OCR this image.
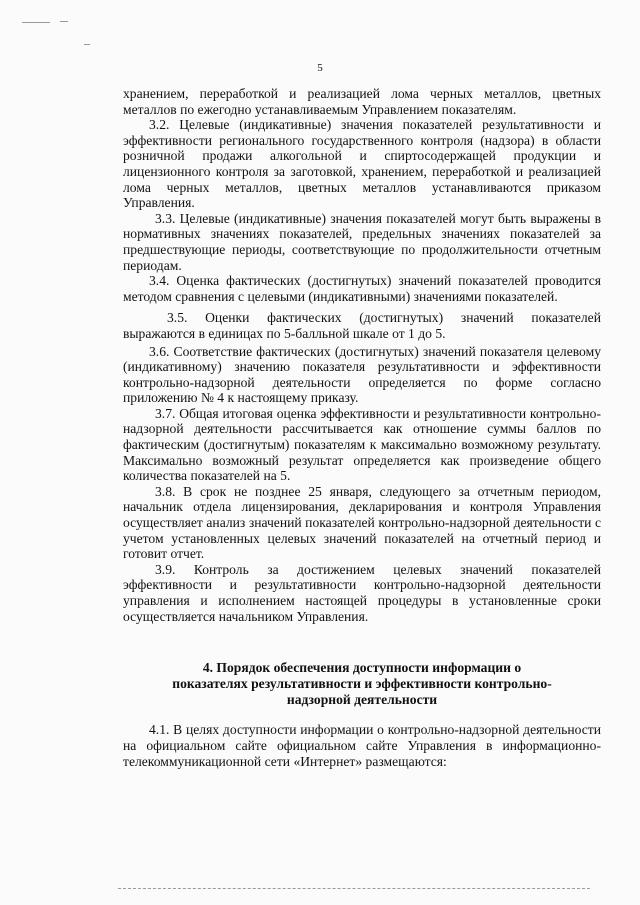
5

хранением, переработкой и реализацией лома черных металлов, цветных металлов по ежегодно устанавливаемым Управлением показателям.

3.2. Целевые (индикативные) значения показателей результативности и эффективности регионального государственного контроля (надзора) в области розничной продажи алкогольной и спиртосодержащей продукции и лицензионного контроля за заготовкой, хранением, переработкой и реализацией лома черных металлов, цветных металлов устанавливаются приказом Управления.

3.3. Целевые (индикативные) значения показателей могут быть выражены в нормативных значениях показателей, предельных значениях показателей за предшествующие периоды, соответствующие по продолжительности отчетным периодам.

3.4. Оценка фактических (достигнутых) значений показателей проводится методом сравнения с целевыми (индикативными) значениями показателей.

3.5. Оценки фактических (достигнутых) значений показателей выражаются в единицах по 5-балльной шкале от 1 до 5.

3.6. Соответствие фактических (достигнутых) значений показателя целевому (индикативному) значению показателя результативности и эффективности контрольно-надзорной деятельности определяется по форме согласно приложению № 4 к настоящему приказу.

3.7. Общая итоговая оценка эффективности и результативности контрольно-надзорной деятельности рассчитывается как отношение суммы баллов по фактическим (достигнутым) показателям к максимально возможному результату. Максимально возможный результат определяется как произведение общего количества показателей на 5.

3.8. В срок не позднее 25 января, следующего за отчетным периодом, начальник отдела лицензирования, декларирования и контроля Управления осуществляет анализ значений показателей контрольно-надзорной деятельности с учетом установленных целевых значений показателей на отчетный период и готовит отчет.

3.9. Контроль за достижением целевых значений показателей эффективности и результативности контрольно-надзорной деятельности управления и исполнением настоящей процедуры в установленные сроки осуществляется начальником Управления.

4. Порядок обеспечения доступности информации о
показателях результативности и эффективности контрольно-
надзорной деятельности

4.1. В целях доступности информации о контрольно-надзорной деятельности на официальном сайте официальном сайте Управления в информационно-телекоммуникационной сети «Интернет» размещаются:
